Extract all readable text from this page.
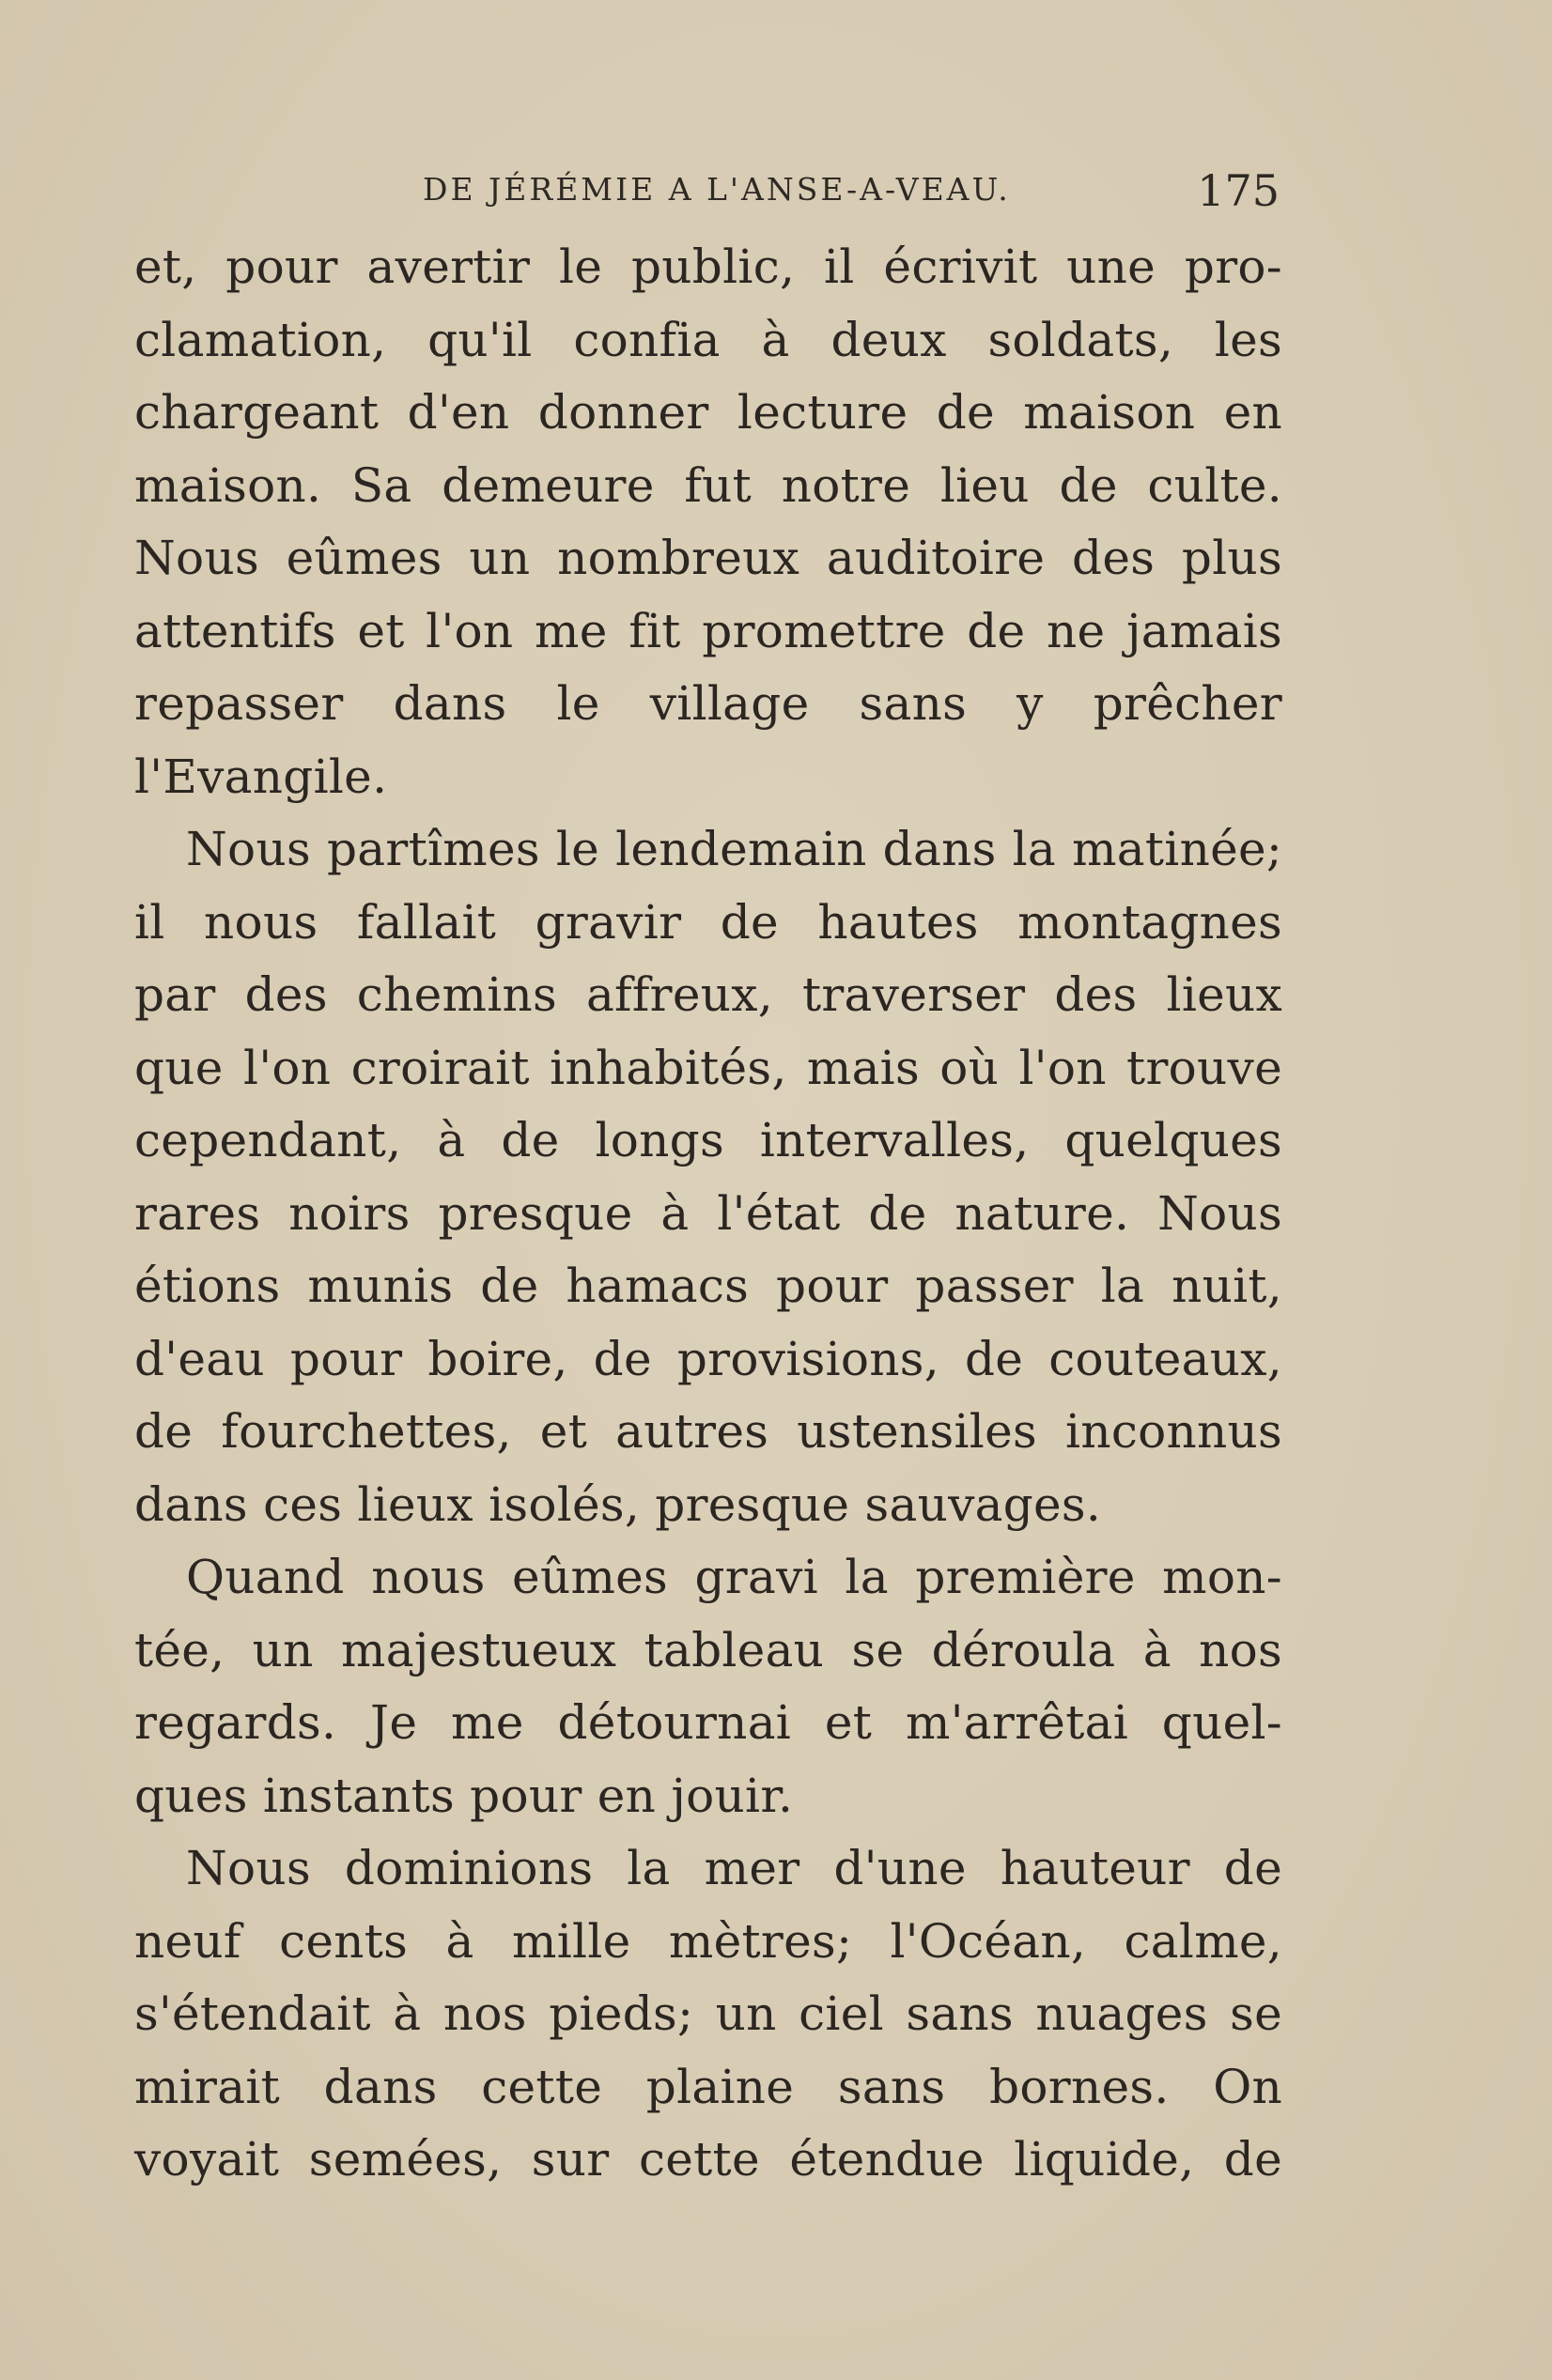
DE JÉRÉMIE A L'ANSE-A-VEAU.	175
et, pour avertir le public, il écrivit une pro-
clamation, qu'il confia à deux soldats, les
chargeant d'en donner lecture de maison en
maison. Sa demeure fut notre lieu de culte.
Nous eûmes un nombreux auditoire des plus
attentifs et l'on me fit promettre de ne jamais
repasser dans le village sans y prêcher
l'Evangile.
Nous partîmes le lendemain dans la matinée;
il nous fallait gravir de hautes montagnes
par des chemins affreux, traverser des lieux
que l'on croirait inhabités, mais où l'on trouve
cependant, à de longs intervalles, quelques
rares noirs presque à l'état de nature. Nous
étions munis de hamacs pour passer la nuit,
d'eau pour boire, de provisions, de couteaux,
de fourchettes, et autres ustensiles inconnus
dans ces lieux isolés, presque sauvages.
Quand nous eûmes gravi la première mon-
tée, un majestueux tableau se déroula à nos
regards. Je me détournai et m'arrêtai quel-
ques instants pour en jouir.
Nous dominions la mer d'une hauteur de
neuf cents à mille mètres; l'Océan, calme,
s'étendait à nos pieds; un ciel sans nuages se
mirait dans cette plaine sans bornes. On
voyait semées, sur cette étendue liquide, de
